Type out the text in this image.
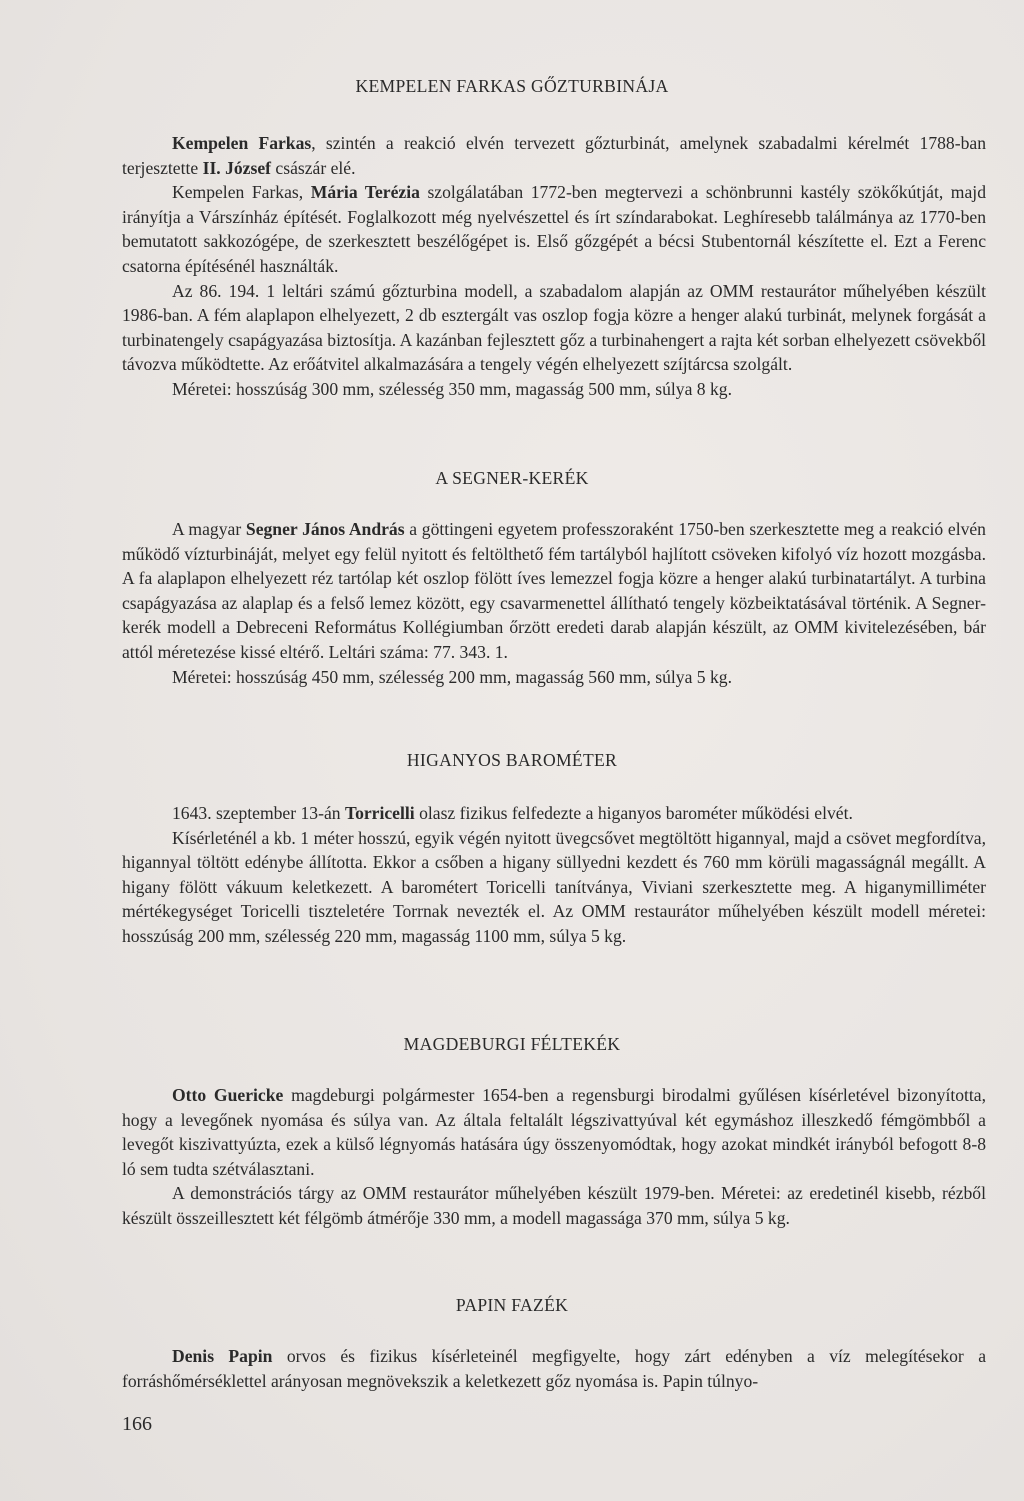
KEMPELEN FARKAS GŐZTURBINÁJA

Kempelen Farkas, szintén a reakció elvén tervezett gőzturbinát, amelynek szabadalmi kérelmét 1788-ban terjesztette II. József császár elé.

Kempelen Farkas, Mária Terézia szolgálatában 1772-ben megtervezi a schönbrunni kastély szökőkútját, majd irányítja a Várszínház építését. Foglalkozott még nyelvészettel és írt színdarabokat. Leghíresebb találmánya az 1770-ben bemutatott sakkozógépe, de szerkesztett beszélőgépet is. Első gőzgépét a bécsi Stubentornál készítette el. Ezt a Ferenc csatorna építésénél használták.

Az 86. 194. 1 leltári számú gőzturbina modell, a szabadalom alapján az OMM restaurátor műhelyében készült 1986-ban. A fém alaplapon elhelyezett, 2 db esztergált vas oszlop fogja közre a henger alakú turbinát, melynek forgását a turbinatengely csapágyazása biztosítja. A kazánban fejlesztett gőz a turbinahengert a rajta két sorban elhelyezett csövekből távozva működtette. Az erőátvitel alkalmazására a tengely végén elhelyezett szíjtárcsa szolgált.

Méretei: hosszúság 300 mm, szélesség 350 mm, magasság 500 mm, súlya 8 kg.

A SEGNER-KERÉK

A magyar Segner János András a göttingeni egyetem professzoraként 1750-ben szerkesztette meg a reakció elvén működő vízturbináját, melyet egy felül nyitott és feltölthető fém tartályból hajlított csöveken kifolyó víz hozott mozgásba. A fa alaplapon elhelyezett réz tartólap két oszlop fölött íves lemezzel fogja közre a henger alakú turbinatartályt. A turbina csapágyazása az alaplap és a felső lemez között, egy csavarmenettel állítható tengely közbeiktatásával történik. A Segner-kerék modell a Debreceni Református Kollégiumban őrzött eredeti darab alapján készült, az OMM kivitelezésében, bár attól méretezése kissé eltérő. Leltári száma: 77. 343. 1.

Méretei: hosszúság 450 mm, szélesség 200 mm, magasság 560 mm, súlya 5 kg.

HIGANYOS BAROMÉTER

1643. szeptember 13-án Torricelli olasz fizikus felfedezte a higanyos barométer működési elvét.

Kísérleténél a kb. 1 méter hosszú, egyik végén nyitott üvegcsővet megtöltött higannyal, majd a csövet megfordítva, higannyal töltött edénybe állította. Ekkor a csőben a higany süllyedni kezdett és 760 mm körüli magasságnál megállt. A higany fölött vákuum keletkezett. A barométert Toricelli tanítványa, Viviani szerkesztette meg. A higanymilliméter mértékegységet Toricelli tiszteletére Torrnak nevezték el. Az OMM restaurátor műhelyében készült modell méretei: hosszúság 200 mm, szélesség 220 mm, magasság 1100 mm, súlya 5 kg.

MAGDEBURGI FÉLTEKÉK

Otto Guericke magdeburgi polgármester 1654-ben a regensburgi birodalmi gyűlésen kísérletével bizonyította, hogy a levegőnek nyomása és súlya van. Az általa feltalált légszivattyúval két egymáshoz illeszkedő fémgömbből a levegőt kiszivattyúzta, ezek a külső légnyomás hatására úgy összenyomódtak, hogy azokat mindkét irányból befogott 8-8 ló sem tudta szétválasztani.

A demonstrációs tárgy az OMM restaurátor műhelyében készült 1979-ben. Méretei: az eredetinél kisebb, rézből készült összeillesztett két félgömb átmérője 330 mm, a modell magassága 370 mm, súlya 5 kg.

PAPIN FAZÉK

Denis Papin orvos és fizikus kísérleteinél megfigyelte, hogy zárt edényben a víz melegítésekor a forráshőmérséklettel arányosan megnövekszik a keletkezett gőz nyomása is. Papin túlnyo-

166
